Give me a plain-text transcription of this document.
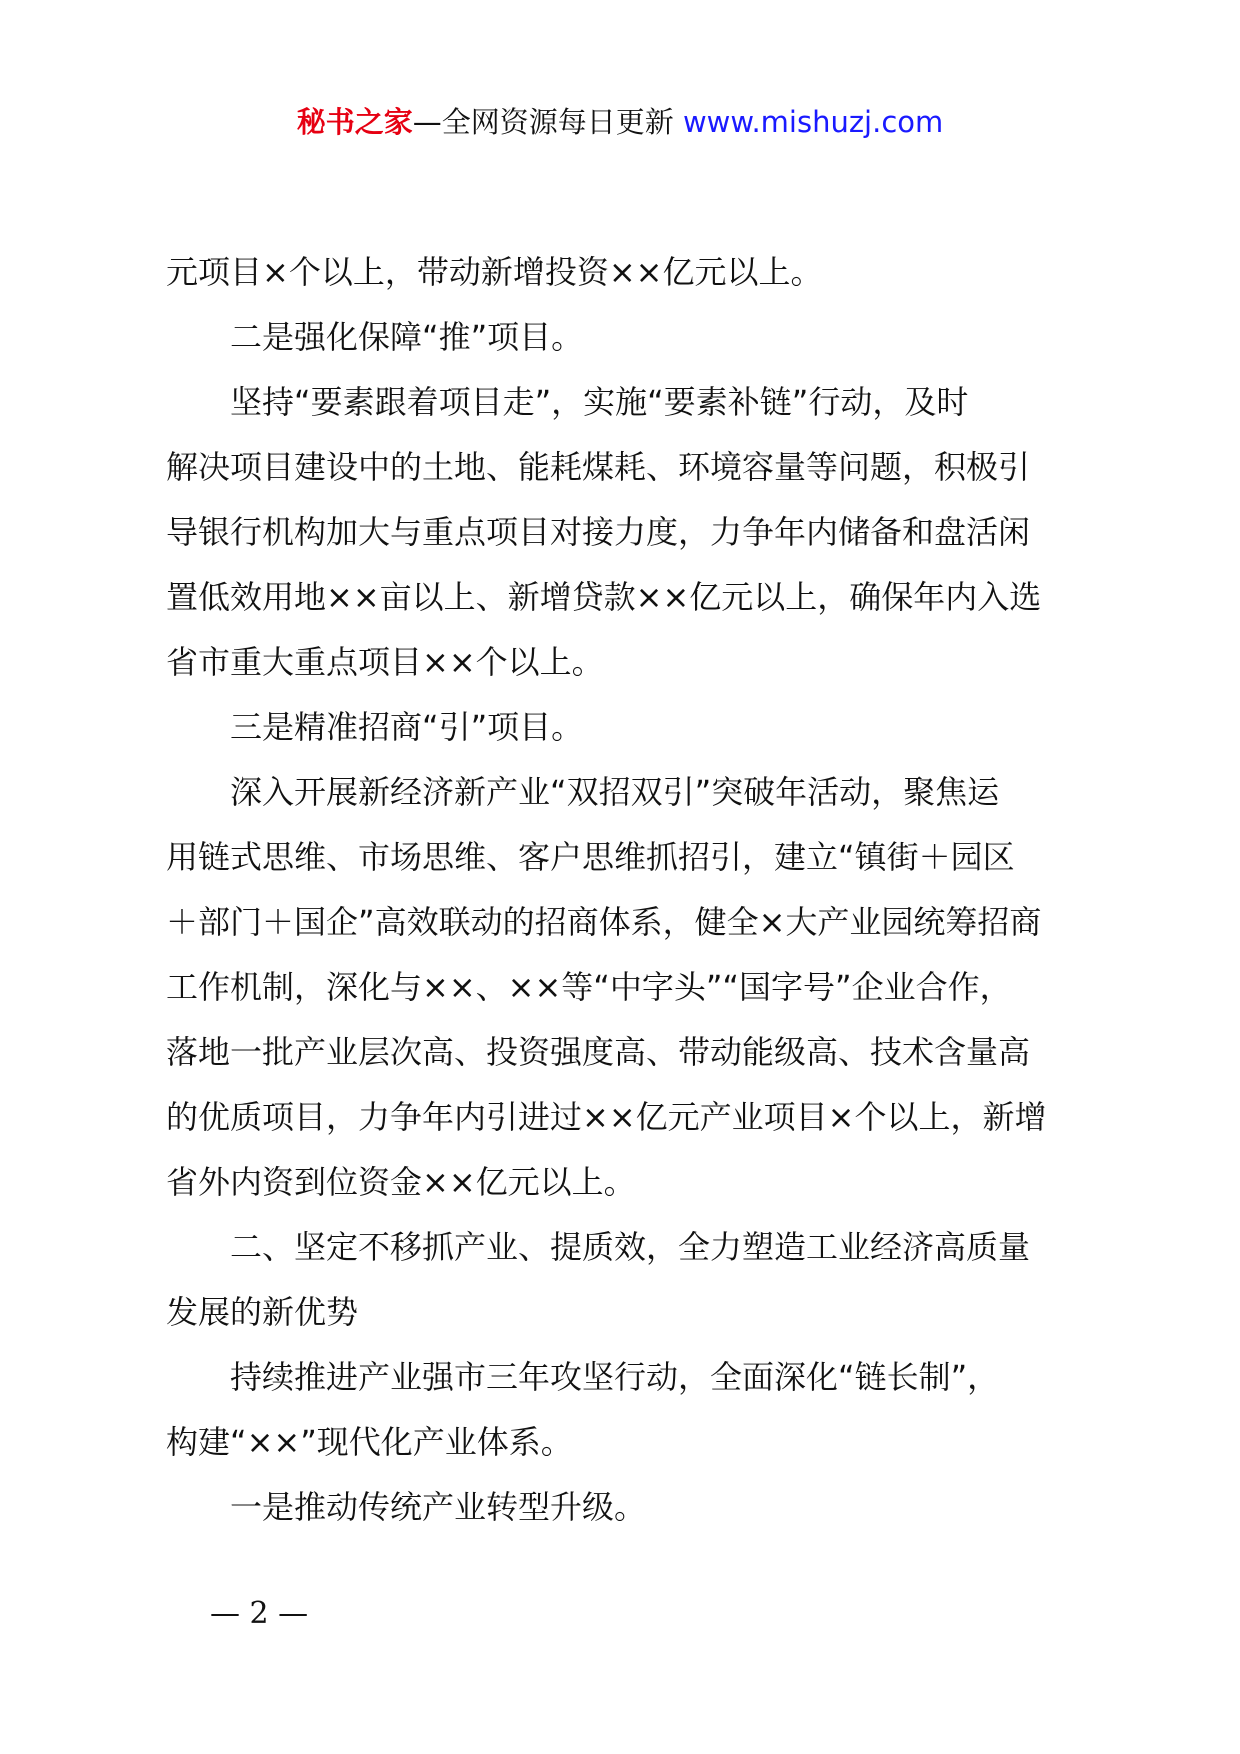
秘书之家—全网资源每日更新 www.mishuzj.com
元项目×个以上，带动新增投资××亿元以上。
二是强化保障“推”项目。
坚持“要素跟着项目走”，实施“要素补链”行动，及时
解决项目建设中的土地、能耗煤耗、环境容量等问题，积极引
导银行机构加大与重点项目对接力度，力争年内储备和盘活闲
置低效用地××亩以上、新增贷款××亿元以上，确保年内入选
省市重大重点项目××个以上。
三是精准招商“引”项目。
深入开展新经济新产业“双招双引”突破年活动，聚焦运
用链式思维、市场思维、客户思维抓招引，建立“镇街＋园区
＋部门＋国企”高效联动的招商体系，健全×大产业园统筹招商
工作机制，深化与××、××等“中字头”“国字号”企业合作，
落地一批产业层次高、投资强度高、带动能级高、技术含量高
的优质项目，力争年内引进过××亿元产业项目×个以上，新增
省外内资到位资金××亿元以上。
二、坚定不移抓产业、提质效，全力塑造工业经济高质量
发展的新优势
持续推进产业强市三年攻坚行动，全面深化“链长制”，
构建“××”现代化产业体系。
一是推动传统产业转型升级。
— 2 —
